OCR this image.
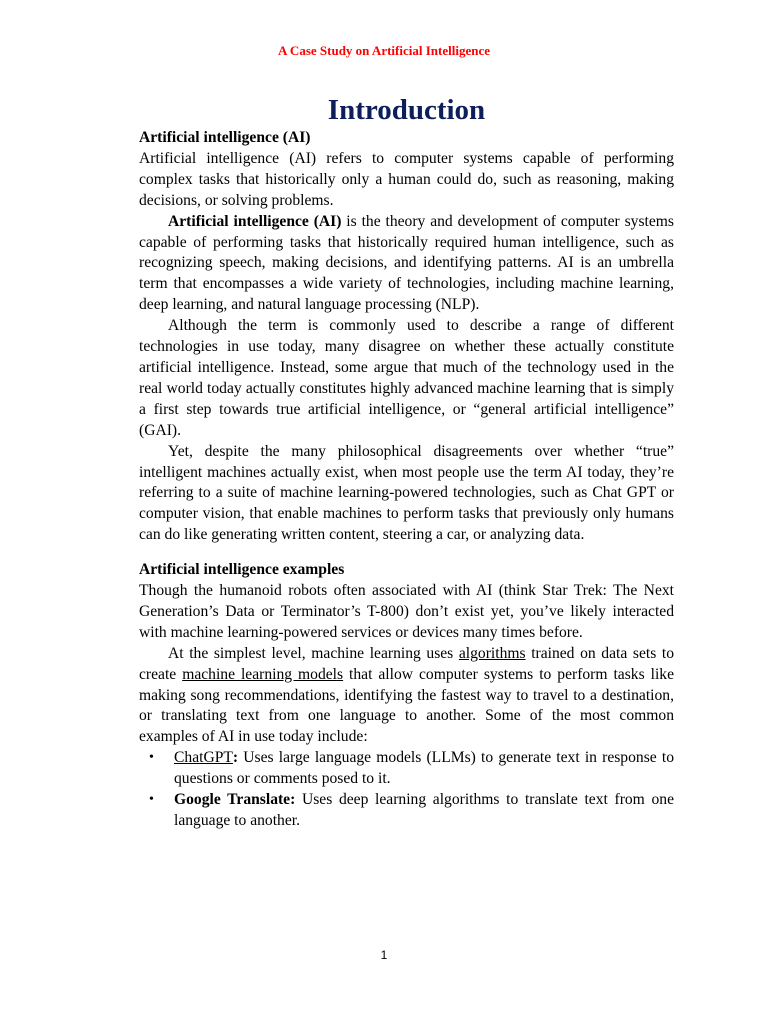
A Case Study on Artificial Intelligence
Introduction
Artificial intelligence (AI)

Artificial intelligence (AI) refers to computer systems capable of performing complex tasks that historically only a human could do, such as reasoning, making decisions, or solving problems.

Artificial intelligence (AI) is the theory and development of computer systems capable of performing tasks that historically required human intelligence, such as recognizing speech, making decisions, and identifying patterns. AI is an umbrella term that encompasses a wide variety of technologies, including machine learning, deep learning, and natural language processing (NLP).

Although the term is commonly used to describe a range of different technologies in use today, many disagree on whether these actually constitute artificial intelligence. Instead, some argue that much of the technology used in the real world today actually constitutes highly advanced machine learning that is simply a first step towards true artificial intelligence, or “general artificial intelligence” (GAI).

Yet, despite the many philosophical disagreements over whether “true” intelligent machines actually exist, when most people use the term AI today, they’re referring to a suite of machine learning-powered technologies, such as Chat GPT or computer vision, that enable machines to perform tasks that previously only humans can do like generating written content, steering a car, or analyzing data.

Artificial intelligence examples

Though the humanoid robots often associated with AI (think Star Trek: The Next Generation’s Data or Terminator’s T-800) don’t exist yet, you’ve likely interacted with machine learning-powered services or devices many times before.

At the simplest level, machine learning uses algorithms trained on data sets to create machine learning models that allow computer systems to perform tasks like making song recommendations, identifying the fastest way to travel to a destination, or translating text from one language to another. Some of the most common examples of AI in use today include:

• ChatGPT: Uses large language models (LLMs) to generate text in response to questions or comments posed to it.
• Google Translate: Uses deep learning algorithms to translate text from one language to another.
1
